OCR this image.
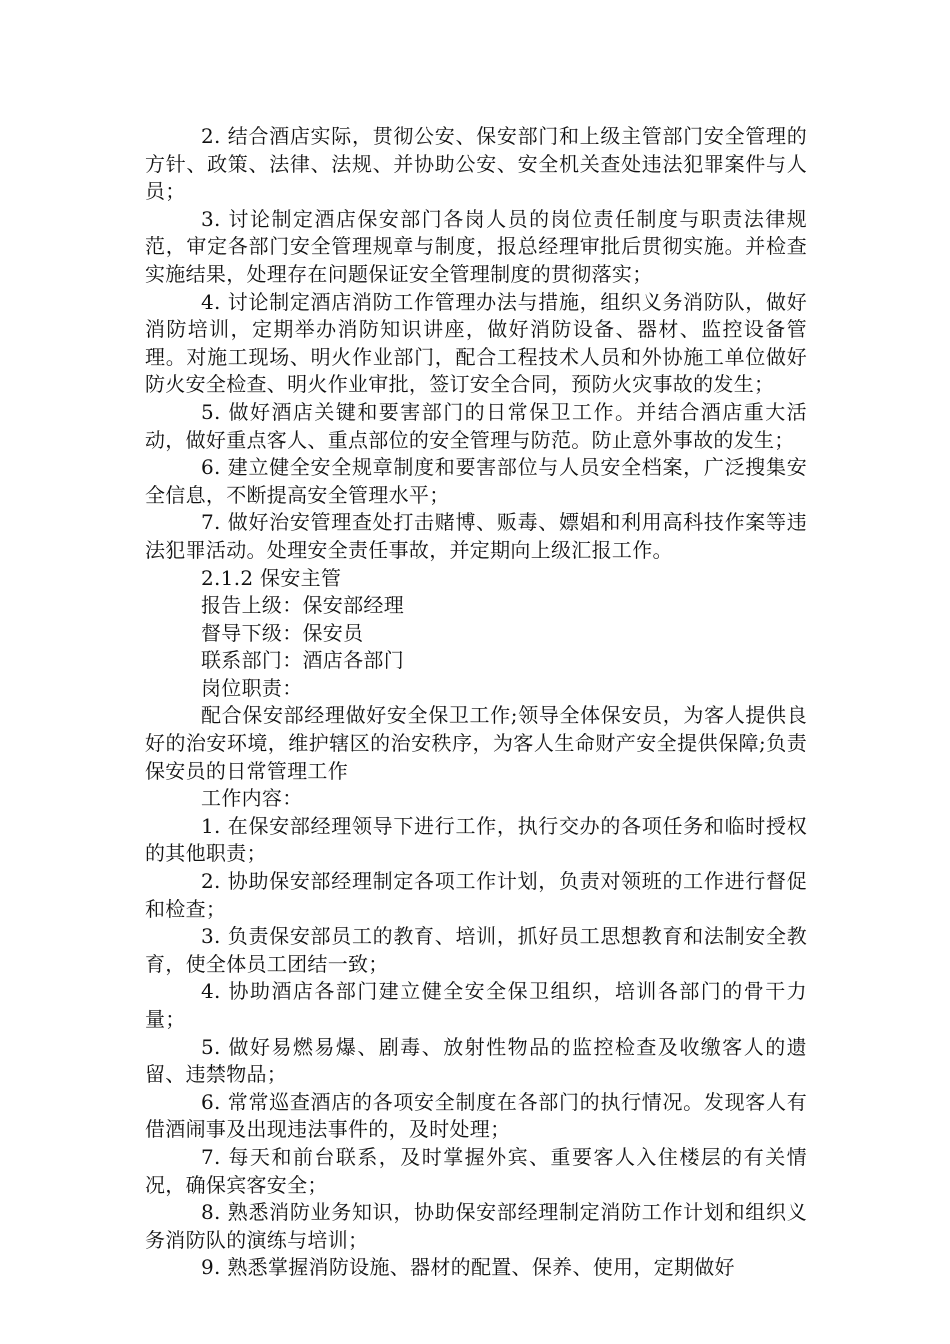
2. 结合酒店实际，贯彻公安、保安部门和上级主管部门安全管理的方针、政策、法律、法规、并协助公安、安全机关查处违法犯罪案件与人员；

3. 讨论制定酒店保安部门各岗人员的岗位责任制度与职责法律规范，审定各部门安全管理规章与制度，报总经理审批后贯彻实施。并检查实施结果，处理存在问题保证安全管理制度的贯彻落实；

4. 讨论制定酒店消防工作管理办法与措施，组织义务消防队，做好消防培训，定期举办消防知识讲座，做好消防设备、器材、监控设备管理。对施工现场、明火作业部门，配合工程技术人员和外协施工单位做好防火安全检查、明火作业审批，签订安全合同，预防火灾事故的发生；

5. 做好酒店关键和要害部门的日常保卫工作。并结合酒店重大活动，做好重点客人、重点部位的安全管理与防范。防止意外事故的发生；

6. 建立健全安全规章制度和要害部位与人员安全档案，广泛搜集安全信息，不断提高安全管理水平；

7. 做好治安管理查处打击赌博、贩毒、嫖娼和利用高科技作案等违法犯罪活动。处理安全责任事故，并定期向上级汇报工作。

2.1.2 保安主管

报告上级：保安部经理

督导下级：保安员

联系部门：酒店各部门

岗位职责：

配合保安部经理做好安全保卫工作;领导全体保安员，为客人提供良好的治安环境，维护辖区的治安秩序，为客人生命财产安全提供保障;负责保安员的日常管理工作

工作内容：

1. 在保安部经理领导下进行工作，执行交办的各项任务和临时授权的其他职责；

2. 协助保安部经理制定各项工作计划，负责对领班的工作进行督促和检查；

3. 负责保安部员工的教育、培训，抓好员工思想教育和法制安全教育，使全体员工团结一致；

4. 协助酒店各部门建立健全安全保卫组织，培训各部门的骨干力量；

5. 做好易燃易爆、剧毒、放射性物品的监控检查及收缴客人的遗留、违禁物品；

6. 常常巡查酒店的各项安全制度在各部门的执行情况。发现客人有借酒闹事及出现违法事件的，及时处理；

7. 每天和前台联系，及时掌握外宾、重要客人入住楼层的有关情况，确保宾客安全；

8. 熟悉消防业务知识，协助保安部经理制定消防工作计划和组织义务消防队的演练与培训；

9. 熟悉掌握消防设施、器材的配置、保养、使用，定期做好
